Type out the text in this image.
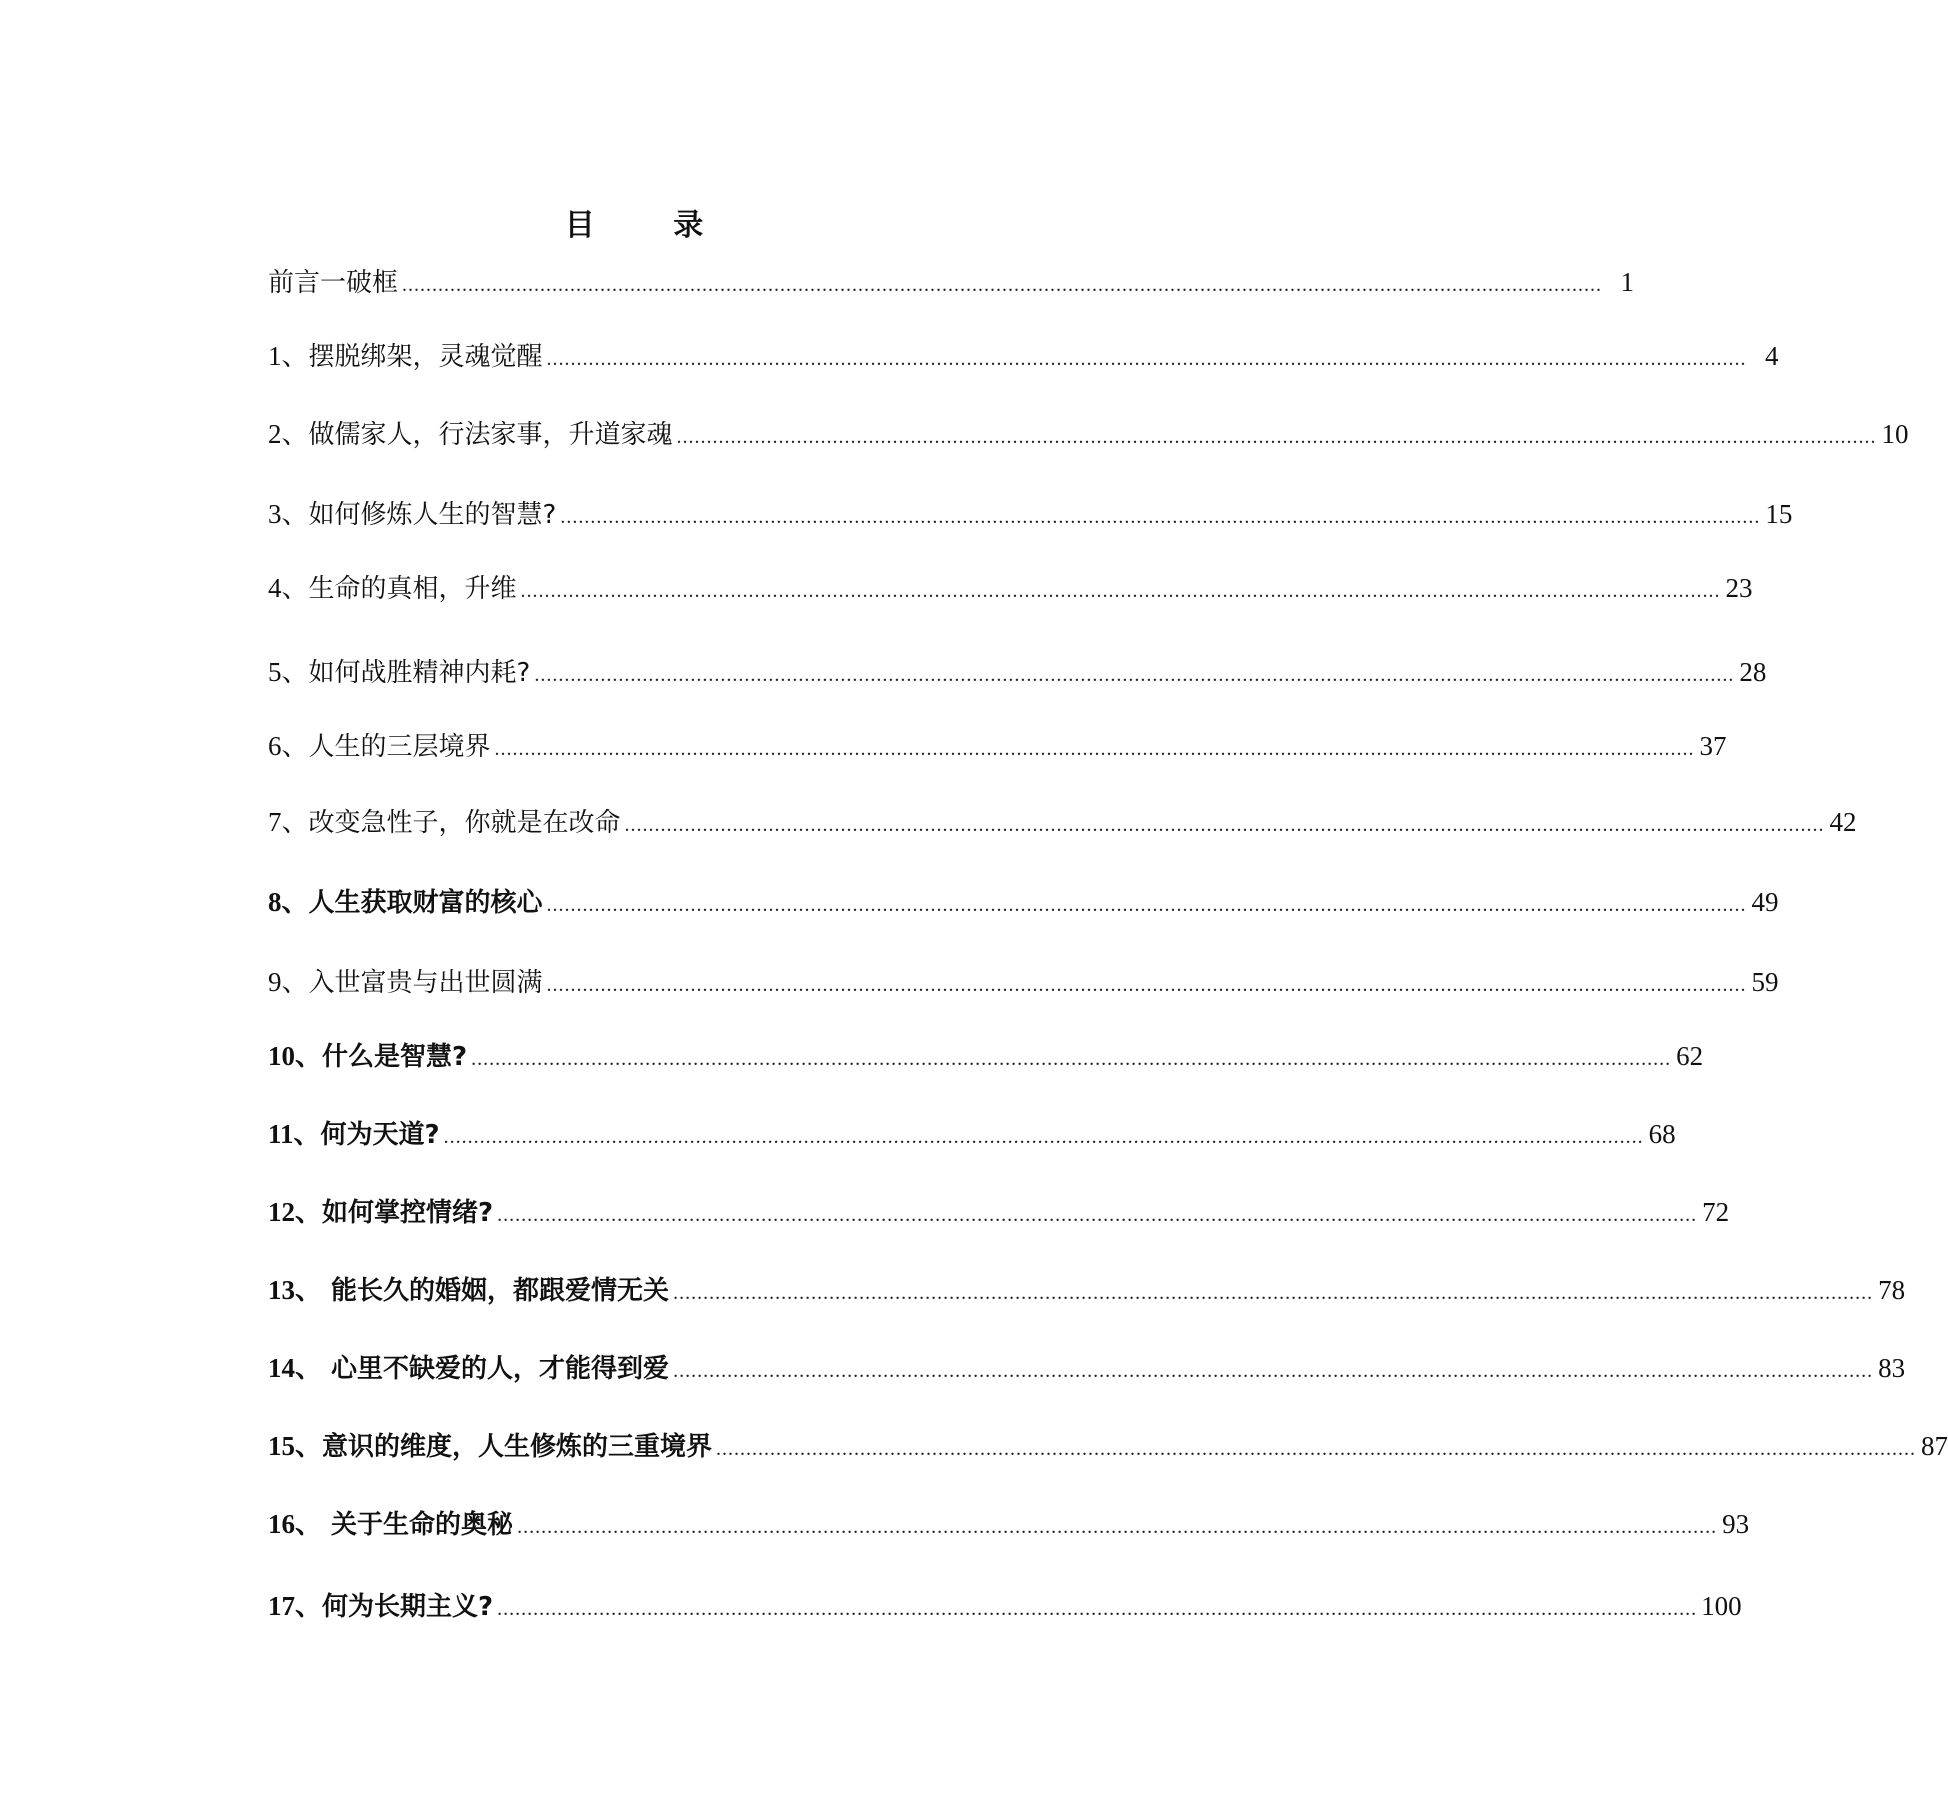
目 录
前言一破框 ........................................................................................................................................................................................................ 1
1、摆脱绑架，灵魂觉醒 ........................................................................................................................................................................................................ 4
2、做儒家人，行法家事，升道家魂 ........................................................................................................................................................................................................ 10
3、如何修炼人生的智慧? ........................................................................................................................................................................................................ 15
4、生命的真相，升维 ........................................................................................................................................................................................................ 23
5、如何战胜精神内耗? ........................................................................................................................................................................................................ 28
6、人生的三层境界 ........................................................................................................................................................................................................ 37
7、改变急性子，你就是在改命 ........................................................................................................................................................................................................ 42
8、人生获取财富的核心 ........................................................................................................................................................................................................ 49
9、入世富贵与出世圆满 ........................................................................................................................................................................................................ 59
10、什么是智慧? ........................................................................................................................................................................................................ 62
11、何为天道? ........................................................................................................................................................................................................ 68
12、如何掌控情绪? ........................................................................................................................................................................................................ 72
13、 能长久的婚姻，都跟爱情无关 ........................................................................................................................................................................................................ 78
14、 心里不缺爱的人，才能得到爱 ........................................................................................................................................................................................................ 83
15、意识的维度，人生修炼的三重境界 ........................................................................................................................................................................................................ 87
16、 关于生命的奥秘 ........................................................................................................................................................................................................ 93
17、何为长期主义? ........................................................................................................................................................................................................ 100
